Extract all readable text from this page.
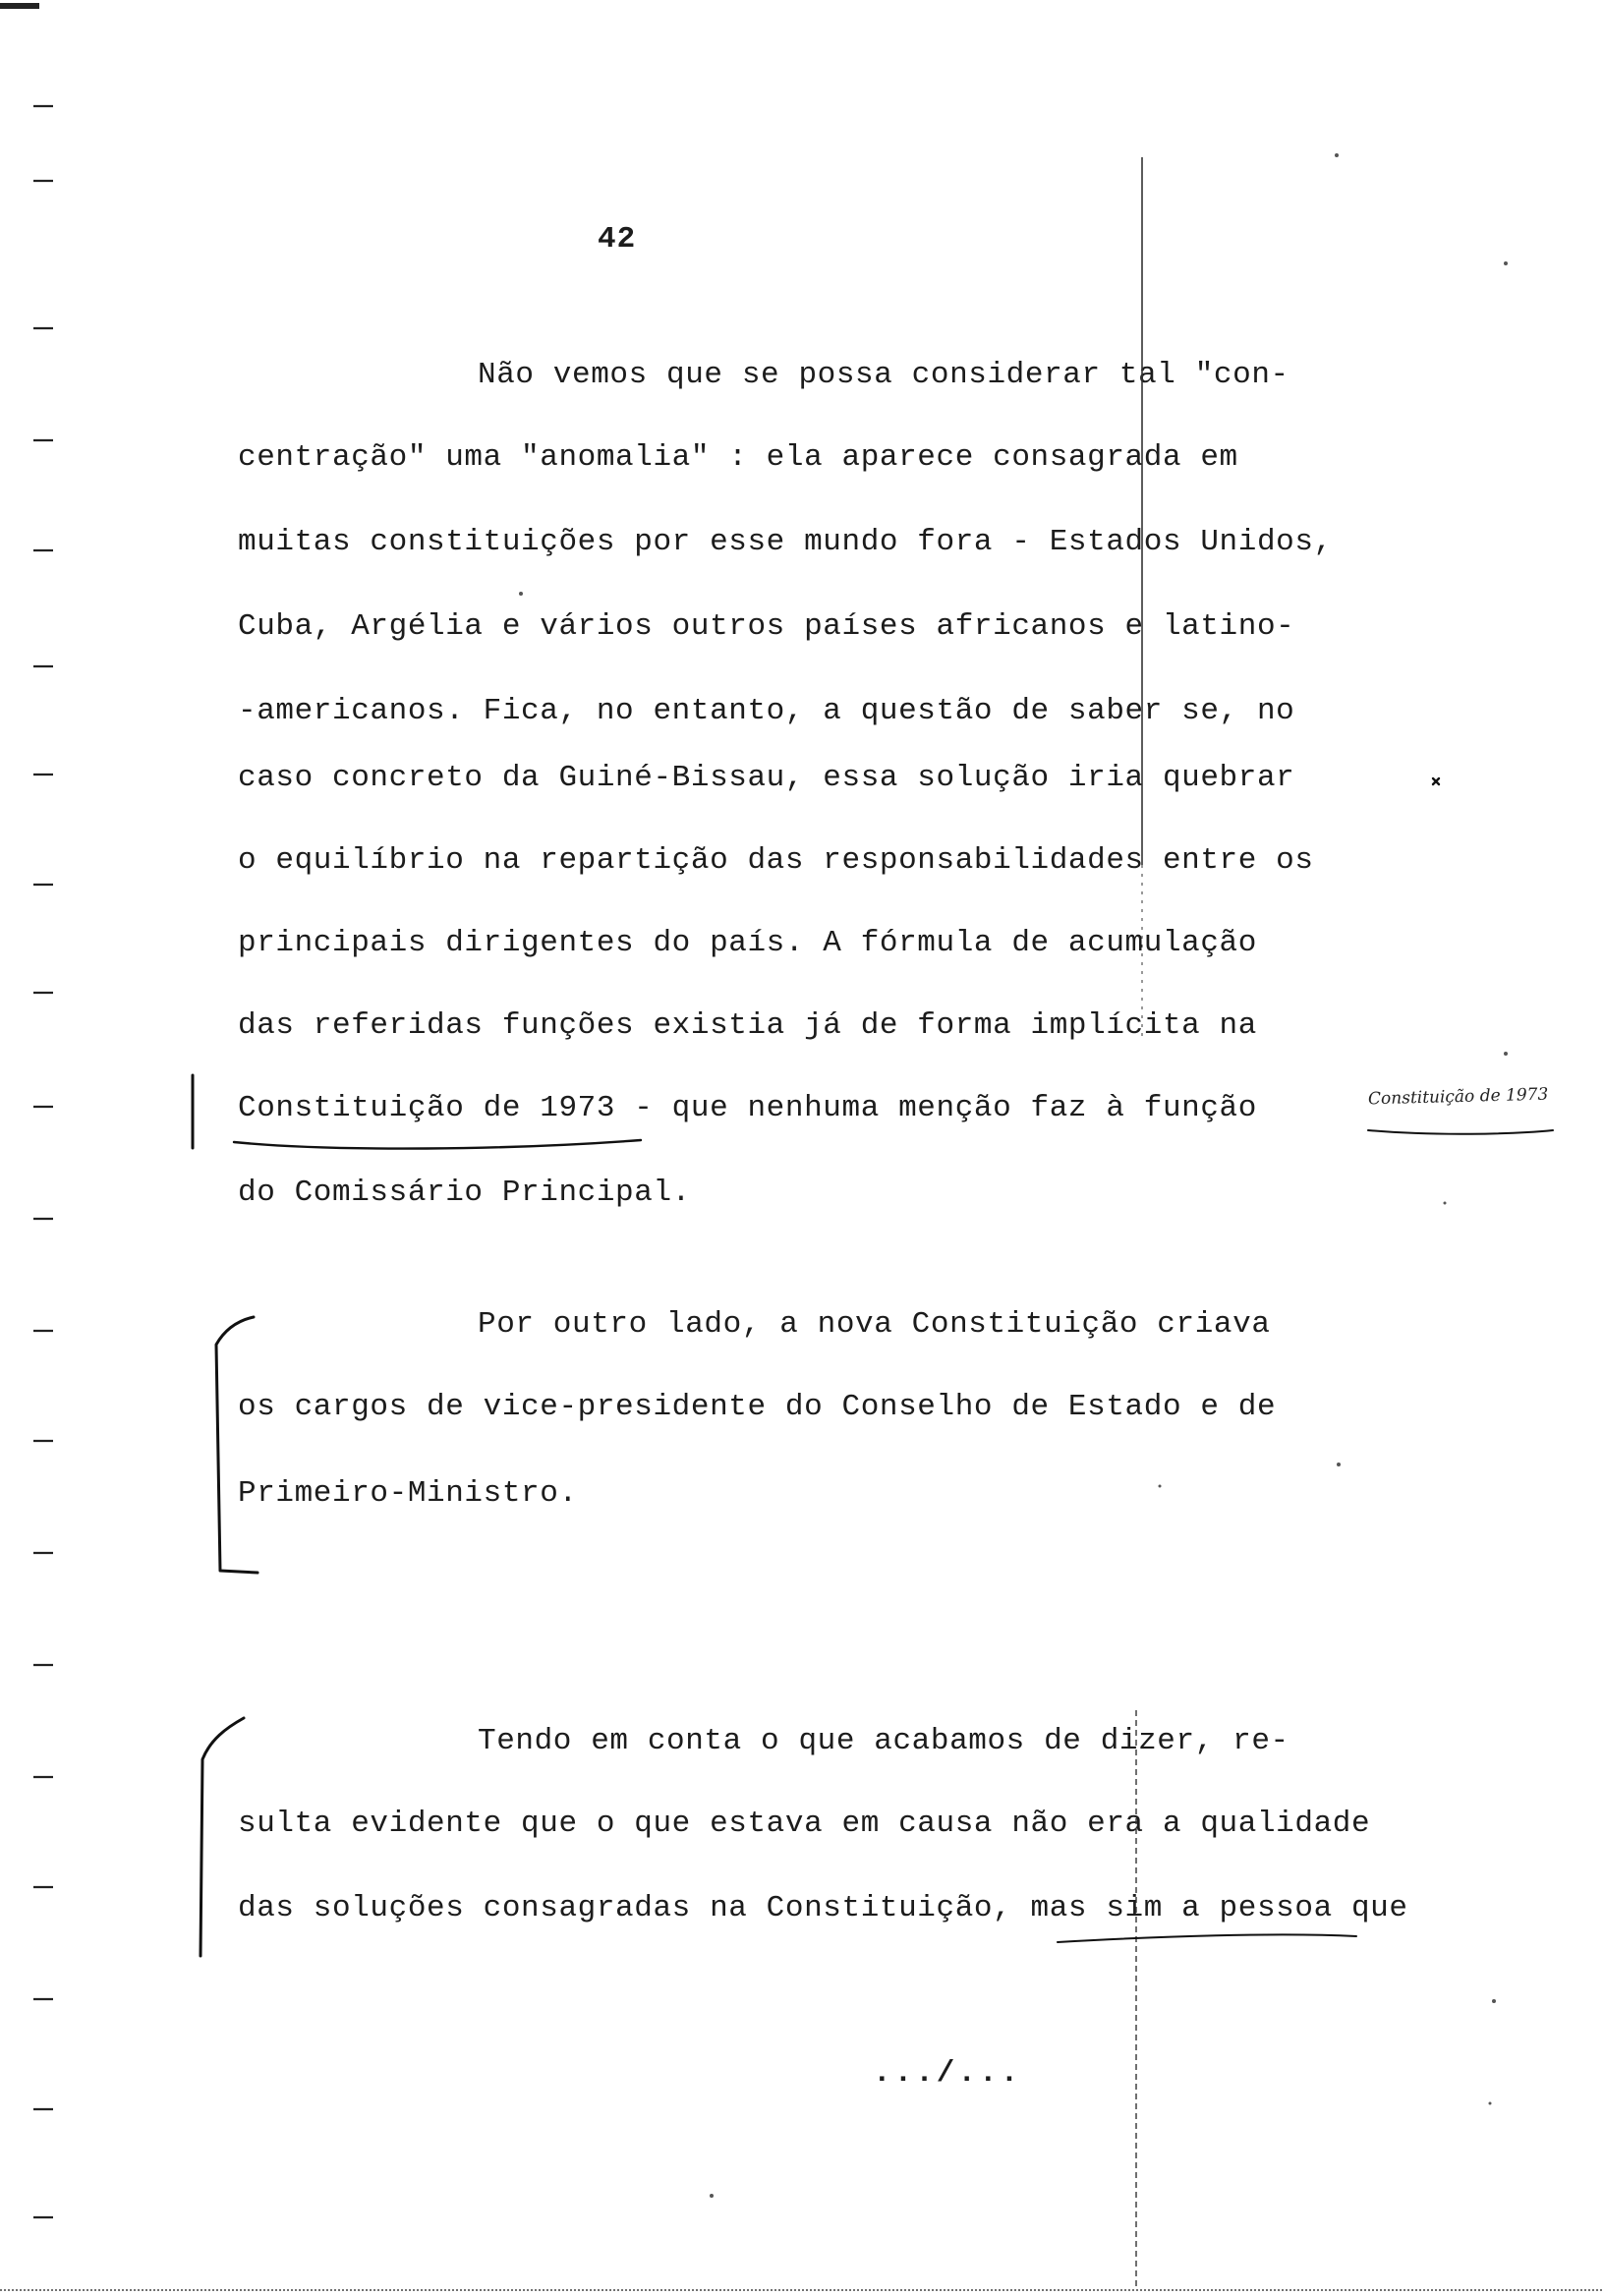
42
Não vemos que se possa considerar tal "con-
centração" uma "anomalia" : ela aparece consagrada em
muitas constituições por esse mundo fora - Estados Unidos,
Cuba, Argélia e vários outros países africanos e latino-
-americanos. Fica, no entanto, a questão de saber se, no
caso concreto da Guiné-Bissau, essa solução iria quebrar
o equilíbrio na repartição das responsabilidades entre os
principais dirigentes do país. A fórmula de acumulação
das referidas funções existia já de forma implícita na
Constituição de 1973 - que nenhuma menção faz à função
do Comissário Principal.
Por outro lado, a nova Constituição criava
os cargos de vice-presidente do Conselho de Estado e de
Primeiro-Ministro.
Tendo em conta o que acabamos de dizer, re-
sulta evidente que o que estava em causa não era a qualidade
das soluções consagradas na Constituição, mas sim a pessoa que
.../...
Constituição de 1973
